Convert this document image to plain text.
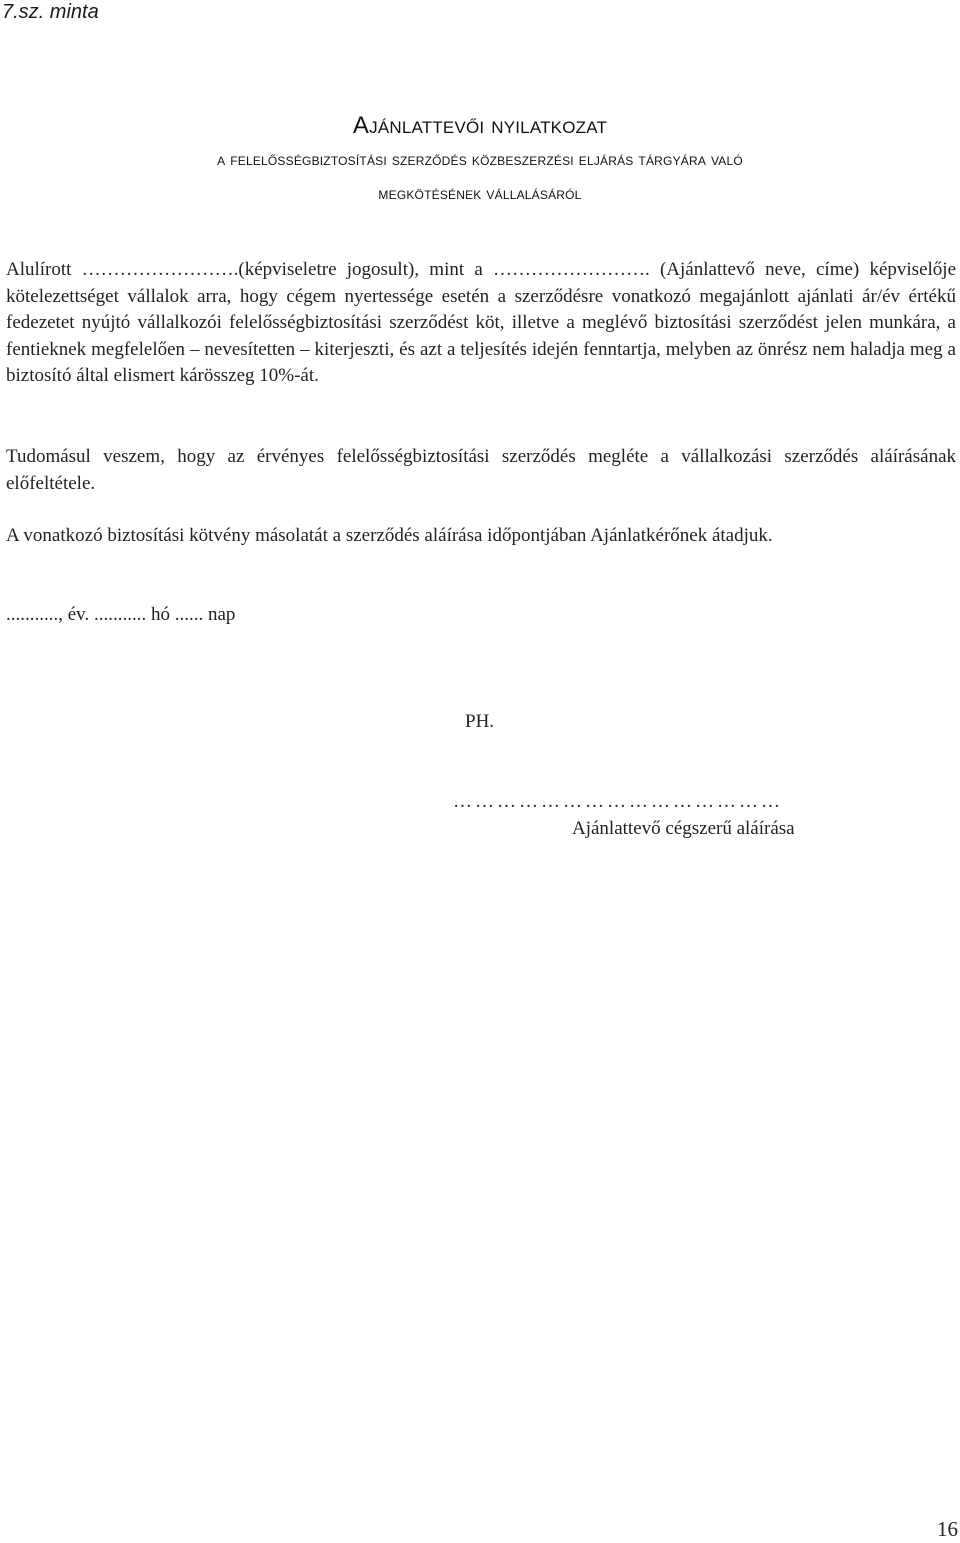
7.sz. minta
Ajánlattevői nyilatkozat
a felelősségbiztosítási szerződés közbeszerzési eljárás tárgyára való
megkötésének vállalásáról
Alulírott …………………….(képviseletre jogosult), mint a ……………………. (Ajánlattevő neve, címe) képviselője kötelezettséget vállalok arra, hogy cégem nyertessége esetén a szerződésre vonatkozó megajánlott ajánlati ár/év értékű fedezetet nyújtó vállalkozói felelősségbiztosítási szerződést köt, illetve a meglévő biztosítási szerződést jelen munkára, a fentieknek megfelelően – nevesítetten – kiterjeszti, és azt a teljesítés idején fenntartja, melyben az önrész nem haladja meg a biztosító által elismert kárösszeg 10%-át.
Tudomásul veszem, hogy az érvényes felelősségbiztosítási szerződés megléte a vállalkozási szerződés aláírásának előfeltétele.
A vonatkozó biztosítási kötvény másolatát a szerződés aláírása időpontjában Ajánlatkérőnek átadjuk.
..........., év. ........... hó ...... nap
PH.
………………………………………
Ajánlattevő cégszerű aláírása
16
